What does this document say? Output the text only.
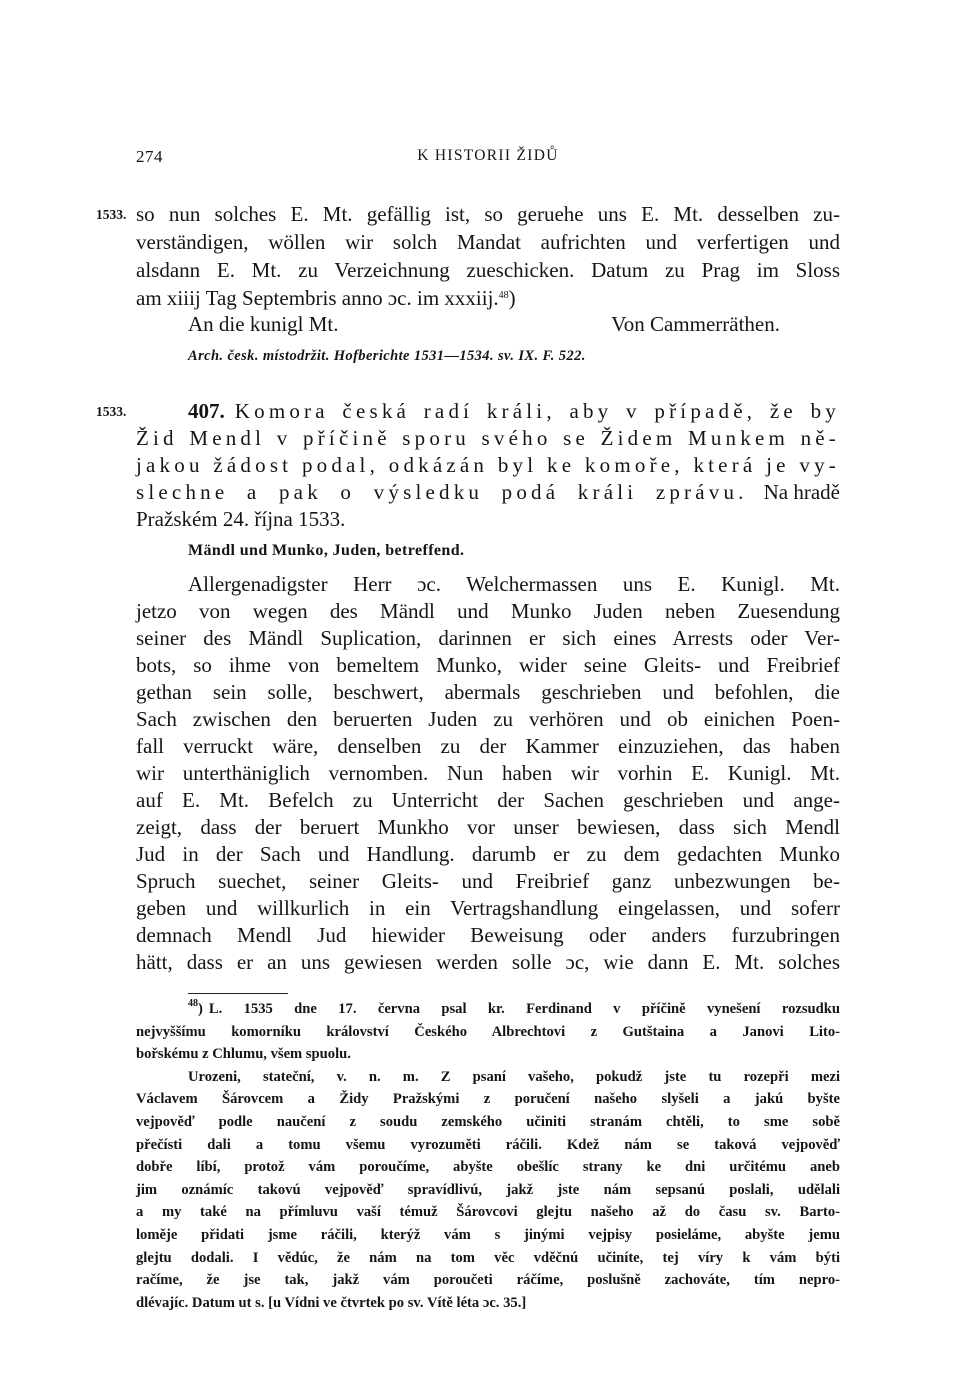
274	K HISTORII ŽIDŮ
1533.
1533.
so nun solches E. Mt. gefällig ist, so geruehe uns E. Mt. desselben zu-
verständigen, wöllen wir solch Mandat aufrichten und verfertigen und
alsdann E. Mt. zu Verzeichnung zueschicken. Datum zu Prag im Sloss
am xiiij Tag Septembris anno ɔc. im xxxiij.$^{48}$)
An die kunigl Mt.	Von Cammerräthen.
Arch. česk. místodržit. Hofberichte 1531—1534. sv. IX. F. 522.
407. Komora česká radí králi, aby v případě, že by
Žid Mendl v příčině sporu svého se Židem Munkem ně-
jakou žádost podal, odkázán byl ke komoře, která je vy-
slechne a pak o výsledku podá králi zprávu. Na hradě
Pražském 24. října 1533.
Mändl und Munko, Juden, betreffend.
Allergenadigster Herr ɔc. Welchermassen uns E. Kunigl. Mt.
jetzo von wegen des Mändl und Munko Juden neben Zuesendung
seiner des Mändl Suplication, darinnen er sich eines Arrests oder Ver-
bots, so ihme von bemeltem Munko, wider seine Gleits- und Freibrief
gethan sein solle, beschwert, abermals geschrieben und befohlen, die
Sach zwischen den beruerten Juden zu verhören und ob einichen Poen-
fall verruckt wäre, denselben zu der Kammer einzuziehen, das haben
wir unterthäniglich vernomben. Nun haben wir vorhin E. Kunigl. Mt.
auf E. Mt. Befelch zu Unterricht der Sachen geschrieben und ange-
zeigt, dass der beruert Munkho vor unser bewiesen, dass sich Mendl
Jud in der Sach und Handlung. darumb er zu dem gedachten Munko
Spruch suechet, seiner Gleits- und Freibrief ganz unbezwungen be-
geben und willkurlich in ein Vertragshandlung eingelassen, und soferr
demnach Mendl Jud hiewider Beweisung oder anders furzubringen
hätt, dass er an uns gewiesen werden solle ɔc, wie dann E. Mt. solches
$^{48}$) L. 1535 dne 17. června psal kr. Ferdinand v příčině vynešení rozsudku
nejvyššímu komorníku království Českého Albrechtovi z Gutštaina a Janovi Lito-
bořskému z Chlumu, všem spuolu.
Urozeni, stateční, v. n. m. Z psaní vašeho, pokudž jste tu rozepři mezi
Václavem Šárovcem a Židy Pražskými z poručení našeho slyšeli a jakú byšte
vejpověď podle naučení z soudu zemského učiniti stranám chtěli, to sme sobě
přečísti dali a tomu všemu vyrozuměti ráčili. Kdež nám se taková vejpověď
dobře líbí, protož vám poroučíme, abyšte obešlíc strany ke dni určitému aneb
jim oznámíc takovú vejpověď spravídlivú, jakž jste nám sepsanú poslali, udělali
a my také na přímluvu vaší témuž Šárovcovi glejtu našeho až do času sv. Barto-
loměje přidati jsme ráčili, kterýž vám s jinými vejpisy posieláme, abyšte jemu
glejtu dodali. I vědúc, že nám na tom věc vděčnú učiníte, tej víry k vám býti
račíme, že jse tak, jakž vám poroučeti ráčíme, poslušně zachováte, tím nepro-
dlévajíc. Datum ut s. [u Vídni ve čtvrtek po sv. Vítě léta ɔc. 35.]
